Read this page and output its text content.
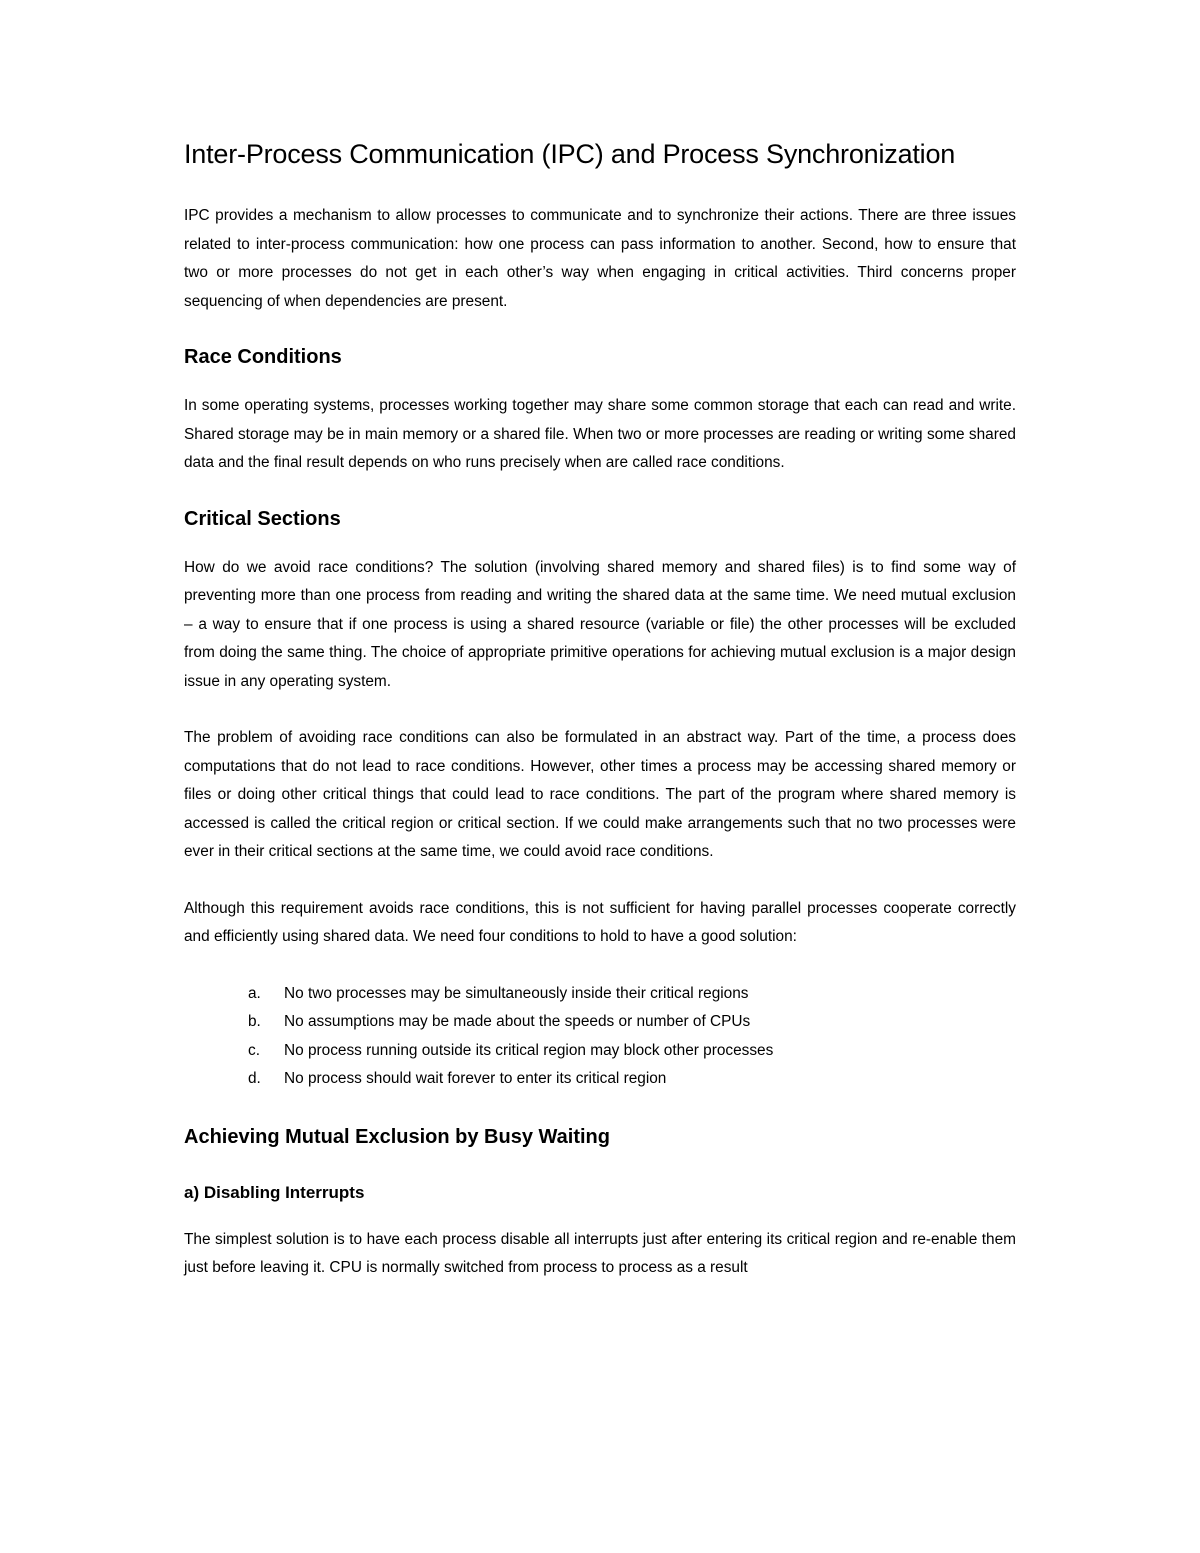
Inter-Process Communication (IPC) and Process Synchronization

IPC provides a mechanism to allow processes to communicate and to synchronize their actions. There are three issues related to inter-process communication: how one process can pass information to another. Second, how to ensure that two or more processes do not get in each other’s way when engaging in critical activities. Third concerns proper sequencing of when dependencies are present.

Race Conditions

In some operating systems, processes working together may share some common storage that each can read and write. Shared storage may be in main memory or a shared file. When two or more processes are reading or writing some shared data and the final result depends on who runs precisely when are called race conditions.

Critical Sections

How do we avoid race conditions? The solution (involving shared memory and shared files) is to find some way of preventing more than one process from reading and writing the shared data at the same time. We need mutual exclusion – a way to ensure that if one process is using a shared resource (variable or file) the other processes will be excluded from doing the same thing. The choice of appropriate primitive operations for achieving mutual exclusion is a major design issue in any operating system.

The problem of avoiding race conditions can also be formulated in an abstract way. Part of the time, a process does computations that do not lead to race conditions. However, other times a process may be accessing shared memory or files or doing other critical things that could lead to race conditions. The part of the program where shared memory is accessed is called the critical region or critical section. If we could make arrangements such that no two processes were ever in their critical sections at the same time, we could avoid race conditions.

Although this requirement avoids race conditions, this is not sufficient for having parallel processes cooperate correctly and efficiently using shared data. We need four conditions to hold to have a good solution:

a. No two processes may be simultaneously inside their critical regions
b. No assumptions may be made about the speeds or number of CPUs
c. No process running outside its critical region may block other processes
d. No process should wait forever to enter its critical region
Achieving Mutual Exclusion by Busy Waiting
a) Disabling Interrupts

The simplest solution is to have each process disable all interrupts just after entering its critical region and re-enable them just before leaving it. CPU is normally switched from process to process as a result
